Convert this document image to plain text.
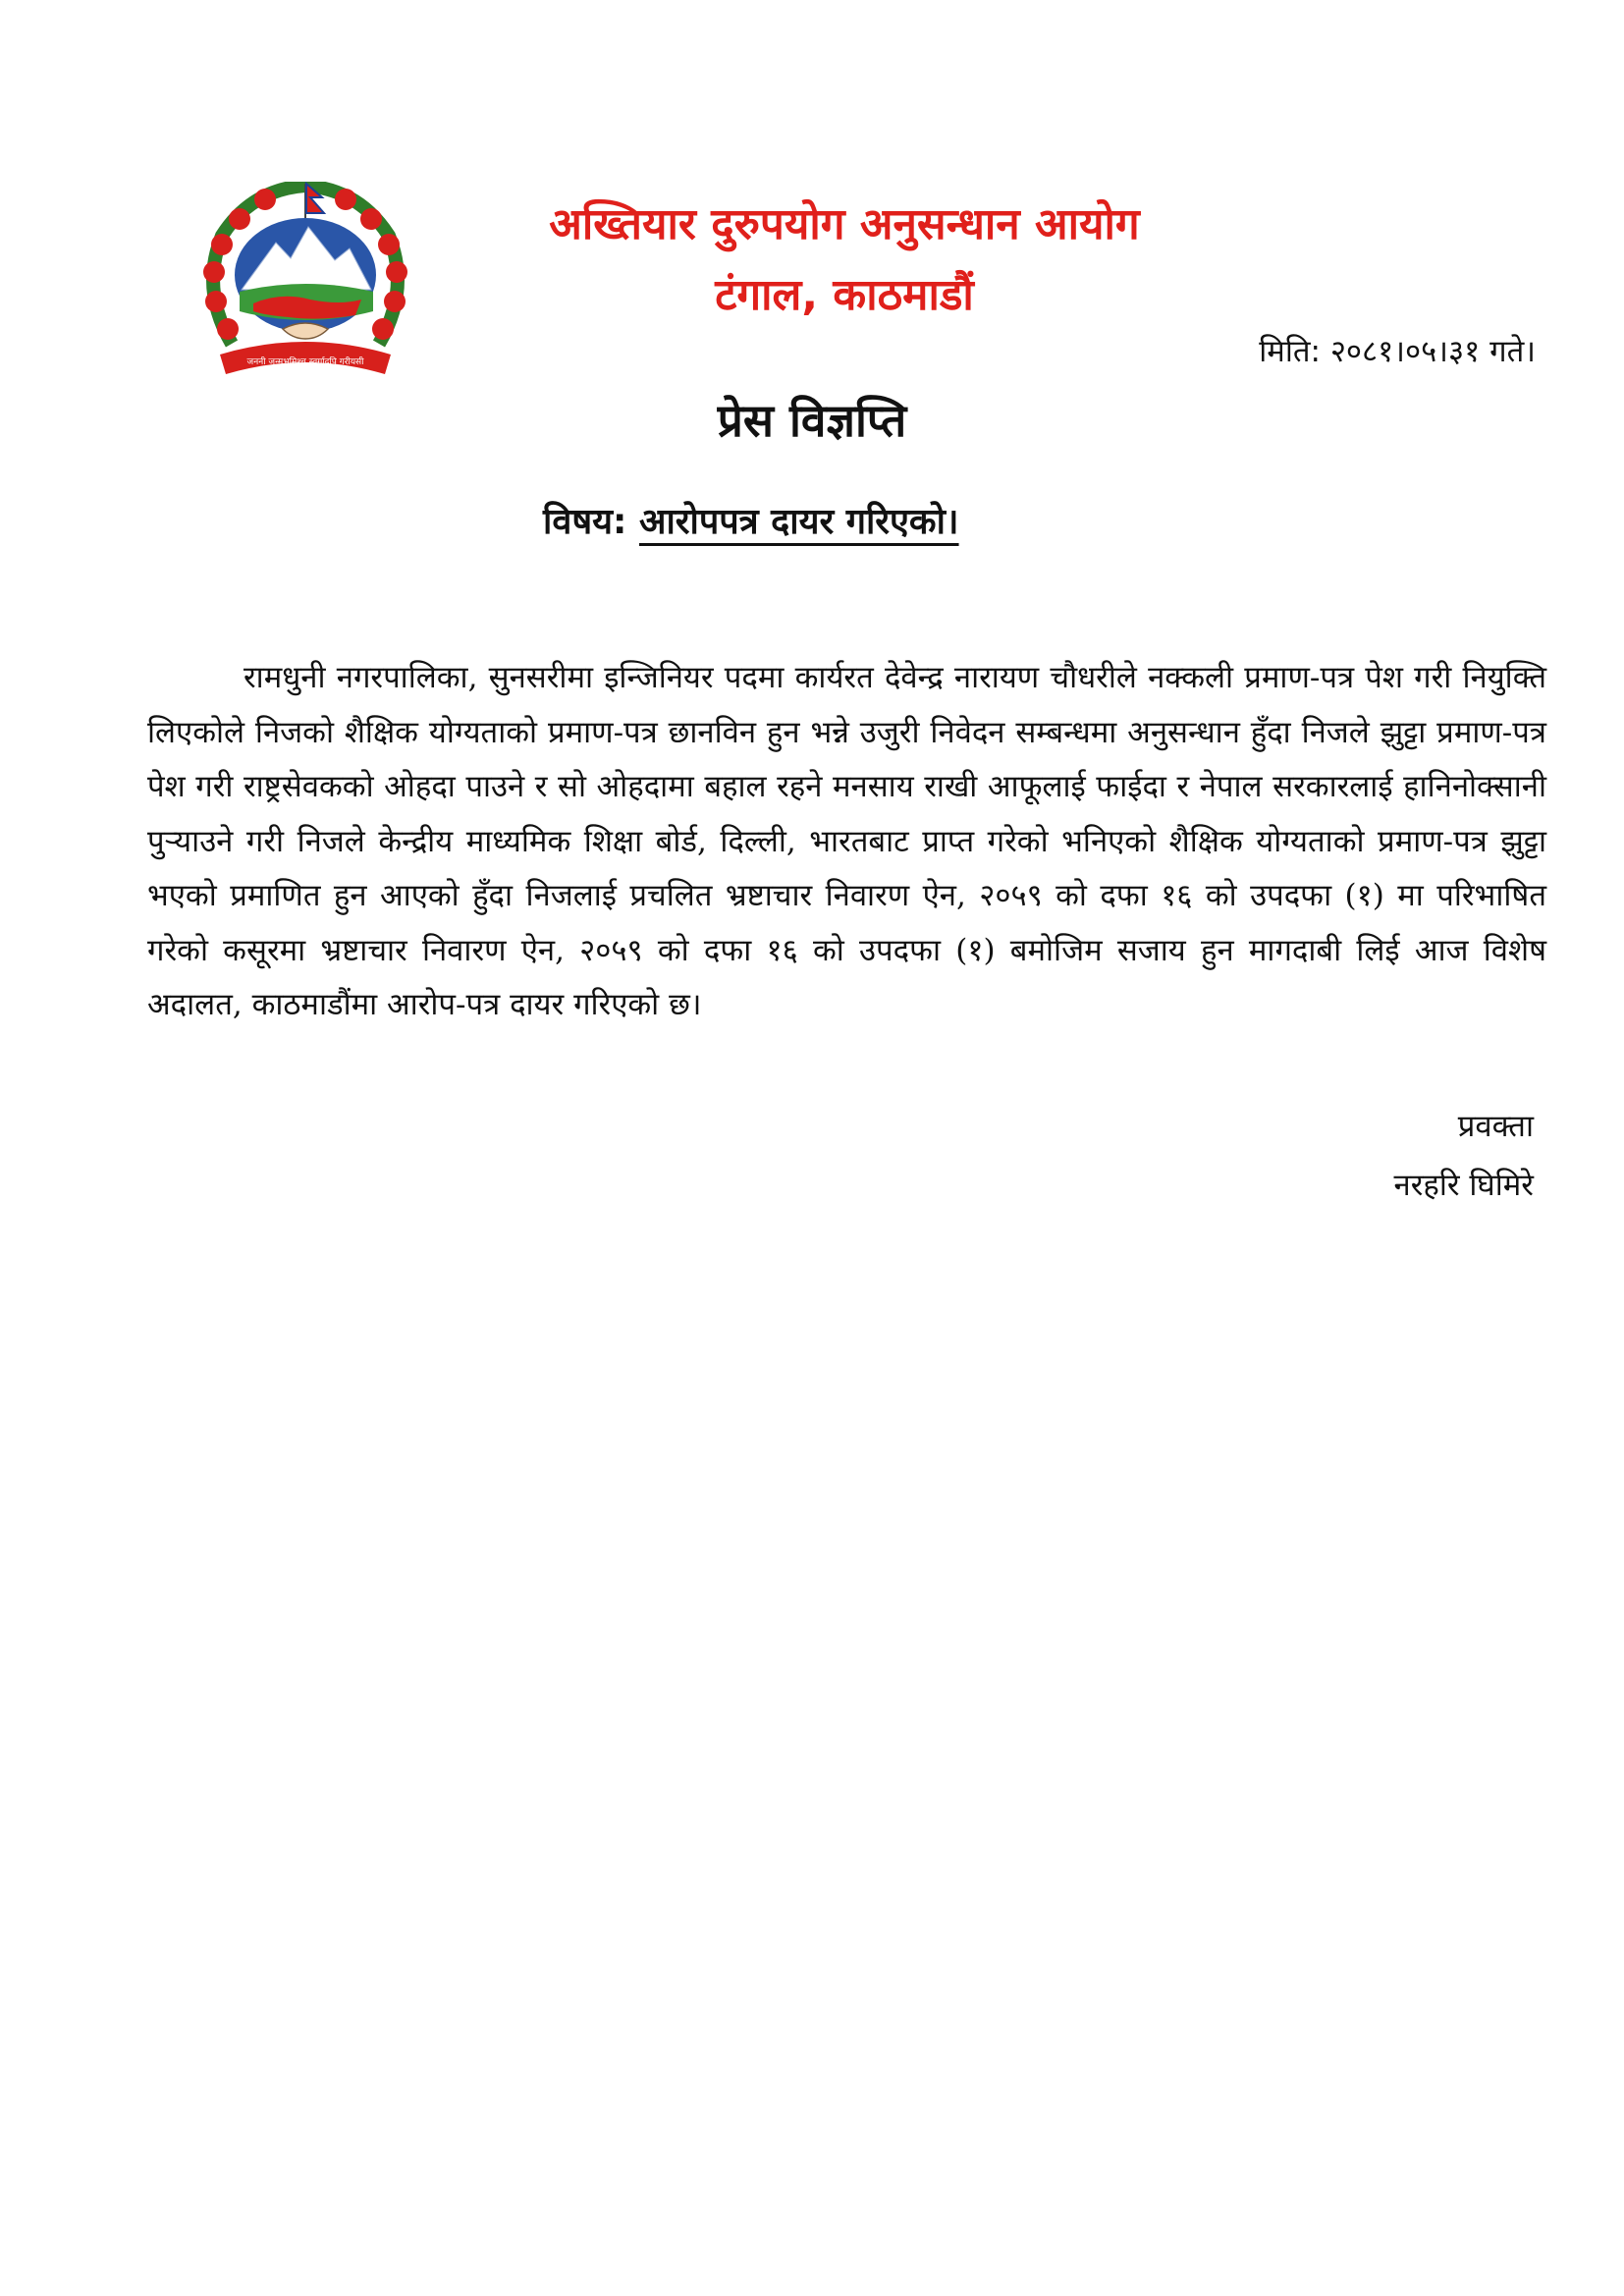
जननी जन्मभूमिश्च स्वर्गादपि गरीयसी
अख्तियार दुरुपयोग अनुसन्धान आयोग
टंगाल, काठमाडौं
मिति: २०८१।०५।३१ गते।
प्रेस विज्ञप्ति
विषय: आरोपपत्र दायर गरिएको।

रामधुनी नगरपालिका, सुनसरीमा इन्जिनियर पदमा कार्यरत देवेन्द्र नारायण चौधरीले नक्कली प्रमाण-पत्र पेश गरी नियुक्ति लिएकोले निजको शैक्षिक योग्यताको प्रमाण-पत्र छानविन हुन भन्ने उजुरी निवेदन सम्बन्धमा अनुसन्धान हुँदा निजले झुट्टा प्रमाण-पत्र पेश गरी राष्ट्रसेवकको ओहदा पाउने र सो ओहदामा बहाल रहने मनसाय राखी आफूलाई फाईदा र नेपाल सरकारलाई हानिनोक्सानी पुऱ्याउने गरी निजले केन्द्रीय माध्यमिक शिक्षा बोर्ड, दिल्ली, भारतबाट प्राप्त गरेको भनिएको शैक्षिक योग्यताको प्रमाण-पत्र झुट्टा भएको प्रमाणित हुन आएको हुँदा निजलाई प्रचलित भ्रष्टाचार निवारण ऐन, २०५९ को दफा १६ को उपदफा (१) मा परिभाषित गरेको कसूरमा भ्रष्टाचार निवारण ऐन, २०५९ को दफा १६ को उपदफा (१) बमोजिम सजाय हुन मागदाबी लिई आज विशेष अदालत, काठमाडौंमा आरोप-पत्र दायर गरिएको छ।

प्रवक्ता
नरहरि घिमिरे
